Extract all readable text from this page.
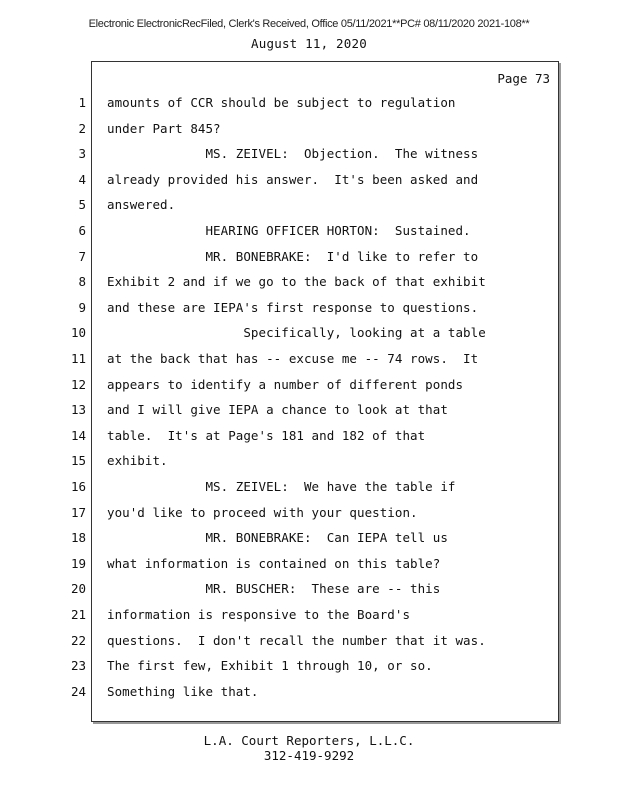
Electronic ElectronicRecFiled, Clerk's Received, Office 05/11/2021**PC# 08/11/2020 2021-108**
August 11, 2020
Page 73
1
2
3
4
5
6
7
8
9
10
11
12
13
14
15
16
17
18
19
20
21
22
23
24
amounts of CCR should be subject to regulation
under Part 845?
MS. ZEIVEL:  Objection.  The witness
already provided his answer.  It's been asked and
answered.
HEARING OFFICER HORTON:  Sustained.
MR. BONEBRAKE:  I'd like to refer to
Exhibit 2 and if we go to the back of that exhibit
and these are IEPA's first response to questions.
Specifically, looking at a table
at the back that has -- excuse me -- 74 rows.  It
appears to identify a number of different ponds
and I will give IEPA a chance to look at that
table.  It's at Page's 181 and 182 of that
exhibit.
MS. ZEIVEL:  We have the table if
you'd like to proceed with your question.
MR. BONEBRAKE:  Can IEPA tell us
what information is contained on this table?
MR. BUSCHER:  These are -- this
information is responsive to the Board's
questions.  I don't recall the number that it was.
The first few, Exhibit 1 through 10, or so.
Something like that.
L.A. Court Reporters, L.L.C.
312-419-9292
